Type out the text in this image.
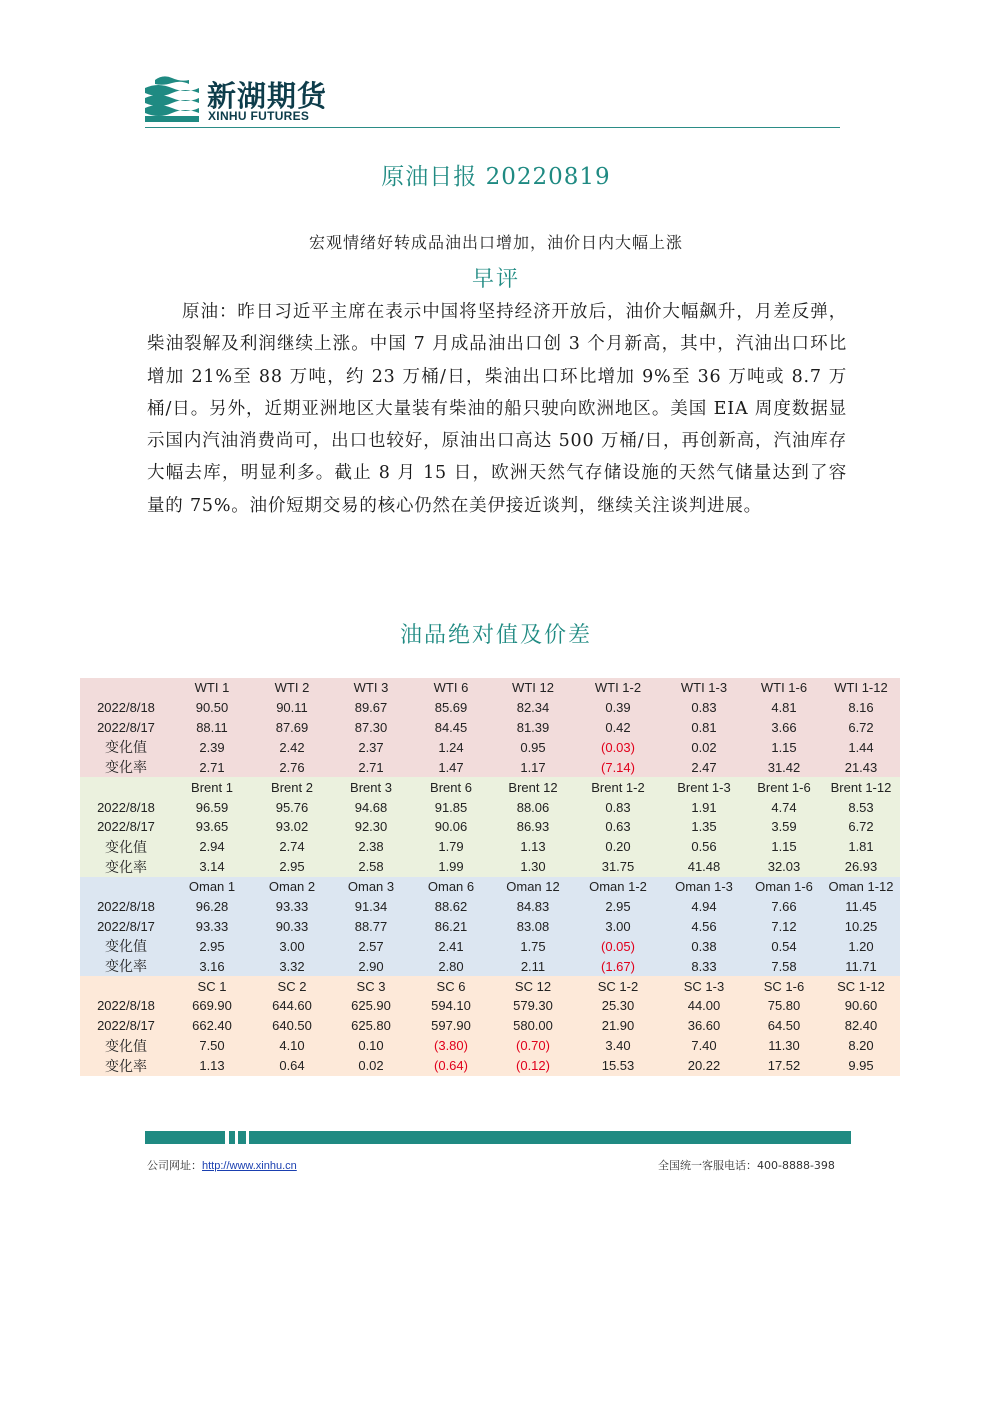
新湖期货
XINHU FUTURES
原油日报 20220819
宏观情绪好转成品油出口增加，油价日内大幅上涨
早评
原油：昨日习近平主席在表示中国将坚持经济开放后，油价大幅飙升，月差反弹，柴油裂解及利润继续上涨。中国 7 月成品油出口创 3 个月新高，其中，汽油出口环比增加 21%至 88 万吨，约 23 万桶/日，柴油出口环比增加 9%至 36 万吨或 8.7 万桶/日。另外，近期亚洲地区大量装有柴油的船只驶向欧洲地区。美国 EIA 周度数据显示国内汽油消费尚可，出口也较好，原油出口高达 500 万桶/日，再创新高，汽油库存大幅去库，明显利多。截止 8 月 15 日，欧洲天然气存储设施的天然气储量达到了容量的 75%。油价短期交易的核心仍然在美伊接近谈判，继续关注谈判进展。
油品绝对值及价差
	WTI 1	WTI 2	WTI 3	WTI 6	WTI 12	WTI 1-2	WTI 1-3	WTI 1-6	WTI 1-12
2022/8/18	90.50	90.11	89.67	85.69	82.34	0.39	0.83	4.81	8.16
2022/8/17	88.11	87.69	87.30	84.45	81.39	0.42	0.81	3.66	6.72
变化值	2.39	2.42	2.37	1.24	0.95	(0.03)	0.02	1.15	1.44
变化率	2.71	2.76	2.71	1.47	1.17	(7.14)	2.47	31.42	21.43
	Brent 1	Brent 2	Brent 3	Brent 6	Brent 12	Brent 1-2	Brent 1-3	Brent 1-6	Brent 1-12
2022/8/18	96.59	95.76	94.68	91.85	88.06	0.83	1.91	4.74	8.53
2022/8/17	93.65	93.02	92.30	90.06	86.93	0.63	1.35	3.59	6.72
变化值	2.94	2.74	2.38	1.79	1.13	0.20	0.56	1.15	1.81
变化率	3.14	2.95	2.58	1.99	1.30	31.75	41.48	32.03	26.93
	Oman 1	Oman 2	Oman 3	Oman 6	Oman 12	Oman 1-2	Oman 1-3	Oman 1-6	Oman 1-12
2022/8/18	96.28	93.33	91.34	88.62	84.83	2.95	4.94	7.66	11.45
2022/8/17	93.33	90.33	88.77	86.21	83.08	3.00	4.56	7.12	10.25
变化值	2.95	3.00	2.57	2.41	1.75	(0.05)	0.38	0.54	1.20
变化率	3.16	3.32	2.90	2.80	2.11	(1.67)	8.33	7.58	11.71
	SC 1	SC 2	SC 3	SC 6	SC 12	SC 1-2	SC 1-3	SC 1-6	SC 1-12
2022/8/18	669.90	644.60	625.90	594.10	579.30	25.30	44.00	75.80	90.60
2022/8/17	662.40	640.50	625.80	597.90	580.00	21.90	36.60	64.50	82.40
变化值	7.50	4.10	0.10	(3.80)	(0.70)	3.40	7.40	11.30	8.20
变化率	1.13	0.64	0.02	(0.64)	(0.12)	15.53	20.22	17.52	9.95
公司网址：http://www.xinhu.cn	全国统一客服电话：400-8888-398
